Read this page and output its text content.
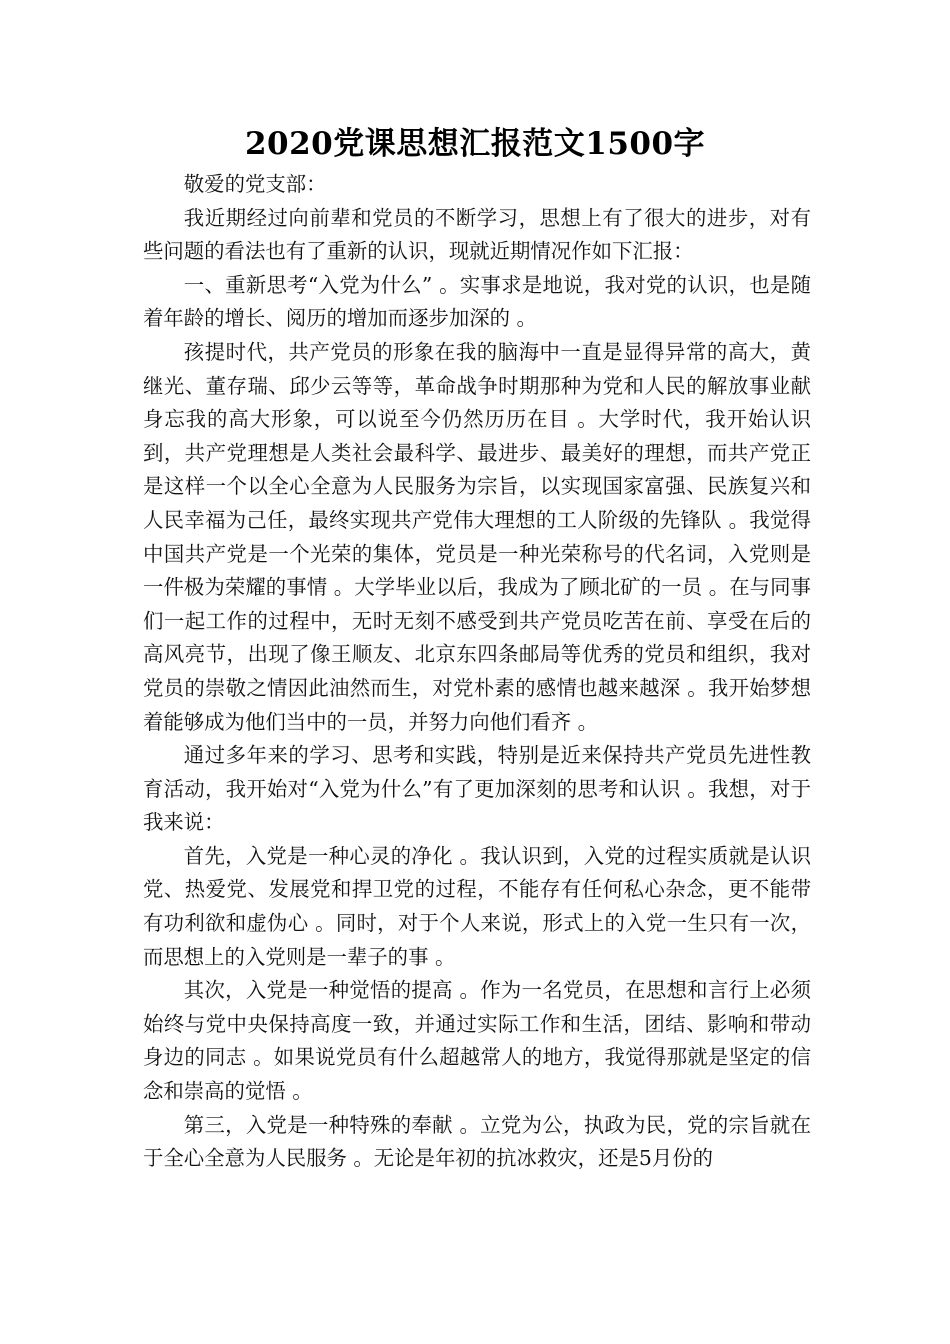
2020党课思想汇报范文1500字

敬爱的党支部：

我近期经过向前辈和党员的不断学习，思想上有了很大的进步，对有些问题的看法也有了重新的认识，现就近期情况作如下汇报：

一、重新思考“入党为什么” 。实事求是地说，我对党的认识，也是随着年龄的增长、阅历的增加而逐步加深的 。

孩提时代，共产党员的形象在我的脑海中一直是显得异常的高大，黄继光、董存瑞、邱少云等等，革命战争时期那种为党和人民的解放事业献身忘我的高大形象，可以说至今仍然历历在目 。大学时代，我开始认识到，共产党理想是人类社会最科学、最进步、最美好的理想，而共产党正是这样一个以全心全意为人民服务为宗旨，以实现国家富强、民族复兴和人民幸福为己任，最终实现共产党伟大理想的工人阶级的先锋队 。我觉得中国共产党是一个光荣的集体，党员是一种光荣称号的代名词，入党则是一件极为荣耀的事情 。大学毕业以后，我成为了顾北矿的一员 。在与同事们一起工作的过程中，无时无刻不感受到共产党员吃苦在前、享受在后的高风亮节，出现了像王顺友、北京东四条邮局等优秀的党员和组织，我对党员的崇敬之情因此油然而生，对党朴素的感情也越来越深 。我开始梦想着能够成为他们当中的一员，并努力向他们看齐 。

通过多年来的学习、思考和实践，特别是近来保持共产党员先进性教育活动，我开始对“入党为什么”有了更加深刻的思考和认识 。我想，对于我来说：

首先，入党是一种心灵的净化 。我认识到，入党的过程实质就是认识党、热爱党、发展党和捍卫党的过程，不能存有任何私心杂念，更不能带有功利欲和虚伪心 。同时，对于个人来说，形式上的入党一生只有一次，而思想上的入党则是一辈子的事 。

其次，入党是一种觉悟的提高 。作为一名党员，在思想和言行上必须始终与党中央保持高度一致，并通过实际工作和生活，团结、影响和带动身边的同志 。如果说党员有什么超越常人的地方，我觉得那就是坚定的信念和崇高的觉悟 。

第三，入党是一种特殊的奉献 。立党为公，执政为民，党的宗旨就在于全心全意为人民服务 。无论是年初的抗冰救灾，还是5月份的
